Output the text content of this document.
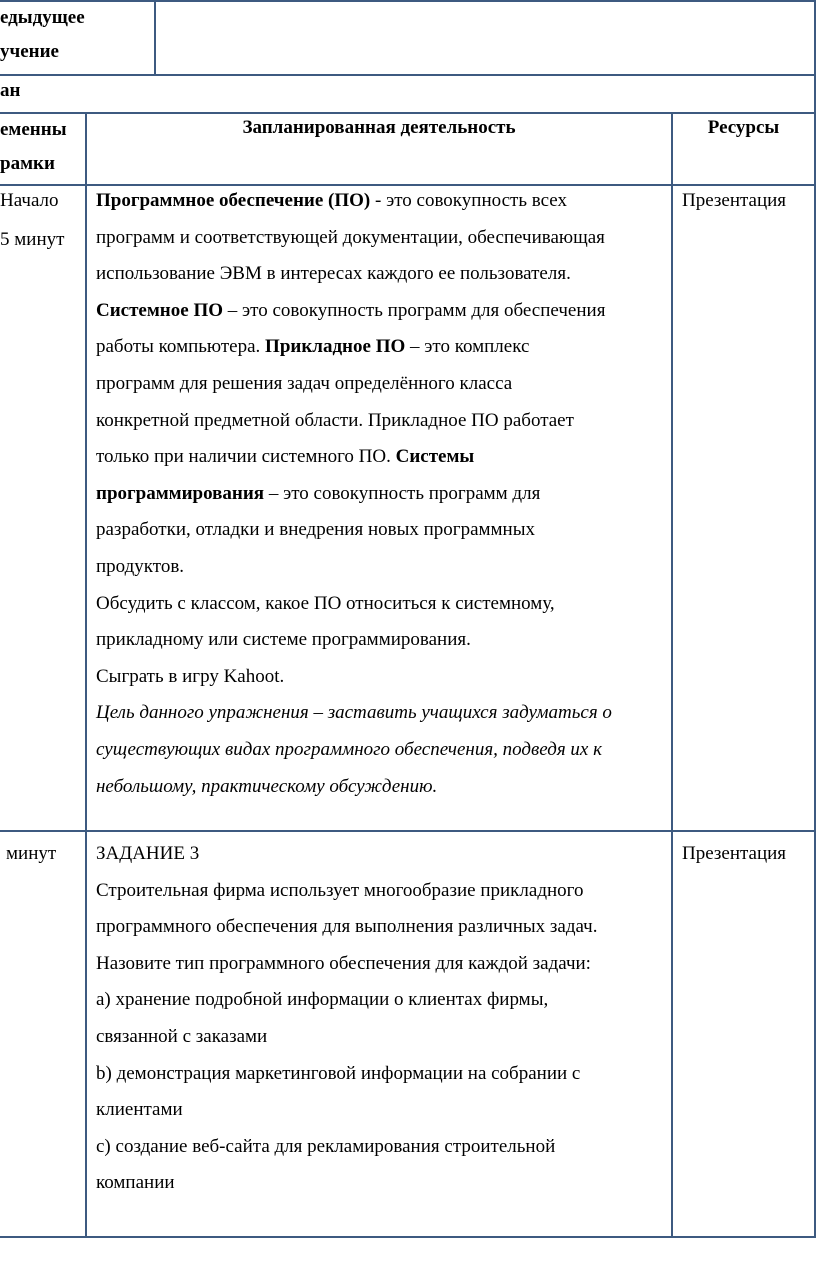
едыдущее
учение
ан
еменны
рамки
Запланированная деятельность	Ресурсы
Начало
5 минут
Презентация
Программное обеспечение (ПО) - это совокупность всех
программ и соответствующей документации, обеспечивающая
использование ЭВМ в интересах каждого ее пользователя.
Системное ПО – это совокупность программ для обеспечения
работы компьютера. Прикладное ПО – это комплекс
программ для решения задач определённого класса
конкретной предметной области. Прикладное ПО работает
только при наличии системного ПО. Системы
программирования – это совокупность программ для
разработки, отладки и внедрения новых программных
продуктов.
Обсудить с классом, какое ПО относиться к системному,
прикладному или системе программирования.
Сыграть в игру Kahoot.
Цель данного упражнения – заставить учащихся задуматься о
существующих видах программного обеспечения, подведя их к
небольшому, практическому обсуждению.
минут	Презентация
ЗАДАНИЕ 3
Строительная фирма использует многообразие прикладного
программного обеспечения для выполнения различных задач.
Назовите тип программного обеспечения для каждой задачи:
a) хранение подробной информации о клиентах фирмы,
связанной с заказами
b) демонстрация маркетинговой информации на собрании с
клиентами
c) создание веб-сайта для рекламирования строительной
компании
